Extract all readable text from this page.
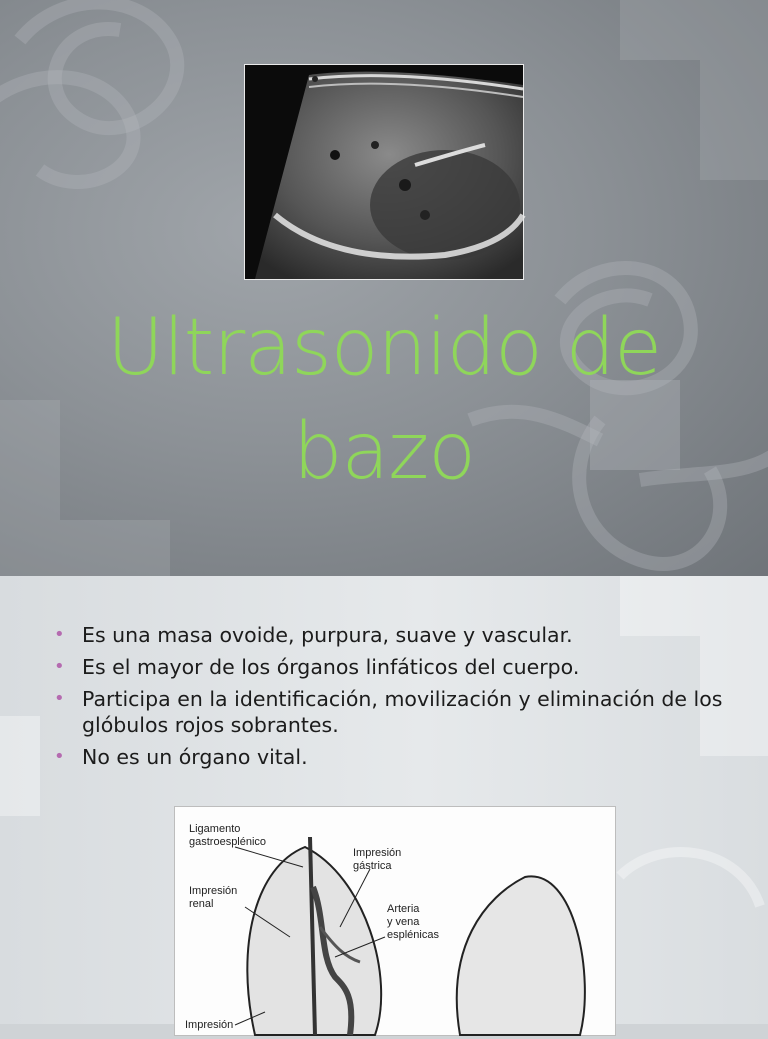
Ultrasonido de
bazo
• Es una masa ovoide, purpura, suave y vascular.
• Es el mayor de los órganos linfáticos del cuerpo.
• Participa en la identificación, movilización y eliminación de los glóbulos rojos sobrantes.
• No es un órgano vital.
Ligamento
gastroesplénico
Impresión
gástrica
Impresión
renal	Arteria
y vena
esplénicas
Impresión
